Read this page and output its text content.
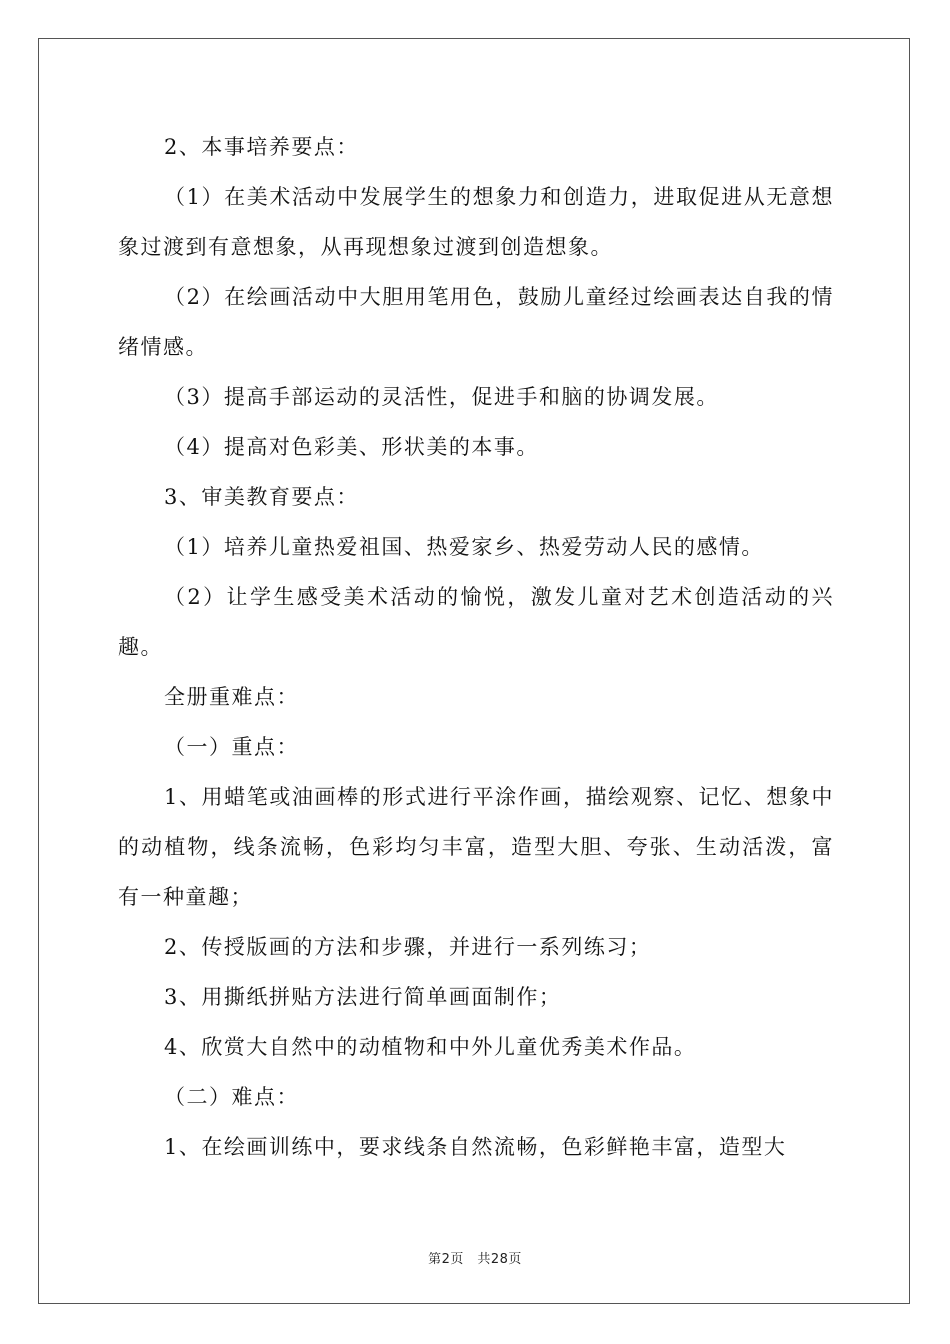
2、本事培养要点：

（1）在美术活动中发展学生的想象力和创造力，进取促进从无意想象过渡到有意想象，从再现想象过渡到创造想象。

（2）在绘画活动中大胆用笔用色，鼓励儿童经过绘画表达自我的情绪情感。

（3）提高手部运动的灵活性，促进手和脑的协调发展。

（4）提高对色彩美、形状美的本事。

3、审美教育要点：

（1）培养儿童热爱祖国、热爱家乡、热爱劳动人民的感情。

（2）让学生感受美术活动的愉悦，激发儿童对艺术创造活动的兴趣。

全册重难点：

（一）重点：

1、用蜡笔或油画棒的形式进行平涂作画，描绘观察、记忆、想象中的动植物，线条流畅，色彩均匀丰富，造型大胆、夸张、生动活泼，富有一种童趣；

2、传授版画的方法和步骤，并进行一系列练习；

3、用撕纸拼贴方法进行简单画面制作；

4、欣赏大自然中的动植物和中外儿童优秀美术作品。

（二）难点：

1、在绘画训练中，要求线条自然流畅，色彩鲜艳丰富，造型大

第2页　共28页
